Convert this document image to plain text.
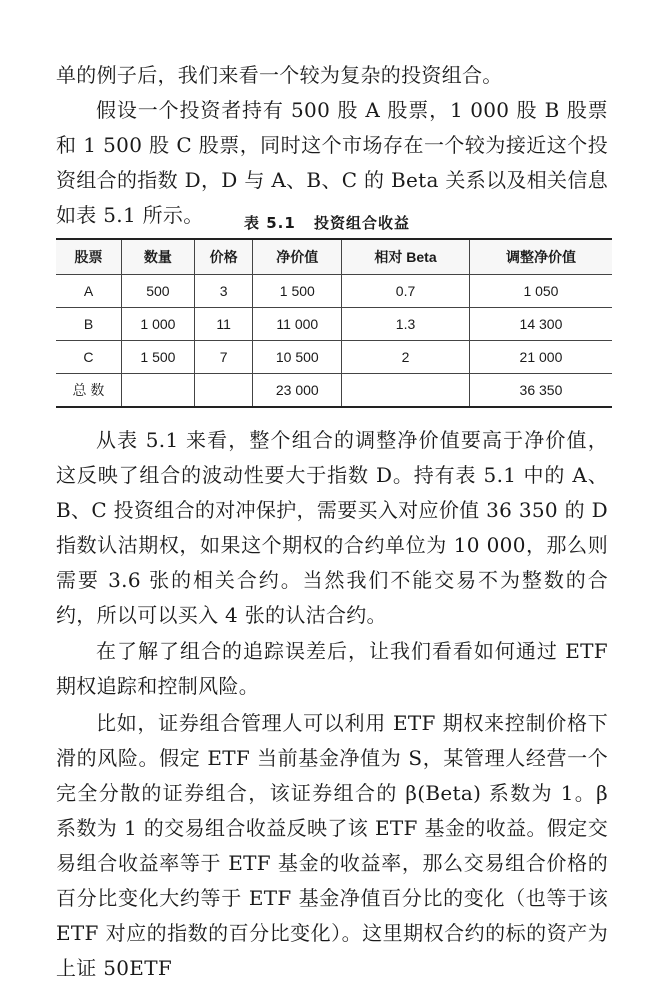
单的例子后，我们来看一个较为复杂的投资组合。

假设一个投资者持有 500 股 A 股票，1 000 股 B 股票和 1 500 股 C 股票，同时这个市场存在一个较为接近这个投资组合的指数 D，D 与 A、B、C 的 Beta 关系以及相关信息如表 5.1 所示。	表 5.1 投资组合收益
股票	数量	价格	净价值	相对 Beta	调整净价值
A	500	3	1 500	0.7	1 050
B	1 000	11	11 000	1.3	14 300
C	1 500	7	10 500	2	21 000
总 数			23 000		36 350

从表 5.1 来看，整个组合的调整净价值要高于净价值，这反映了组合的波动性要大于指数 D。持有表 5.1 中的 A、B、C 投资组合的对冲保护，需要买入对应价值 36 350 的 D 指数认沽期权，如果这个期权的合约单位为 10 000，那么则需要 3.6 张的相关合约。当然我们不能交易不为整数的合约，所以可以买入 4 张的认沽合约。

在了解了组合的追踪误差后，让我们看看如何通过 ETF 期权追踪和控制风险。

比如，证券组合管理人可以利用 ETF 期权来控制价格下滑的风险。假定 ETF 当前基金净值为 S，某管理人经营一个完全分散的证券组合，该证券组合的 β(Beta) 系数为 1。β 系数为 1 的交易组合收益反映了该 ETF 基金的收益。假定交易组合收益率等于 ETF 基金的收益率，那么交易组合价格的百分比变化大约等于 ETF 基金净值百分比的变化（也等于该 ETF 对应的指数的百分比变化）。这里期权合约的标的资产为上证 50ETF
